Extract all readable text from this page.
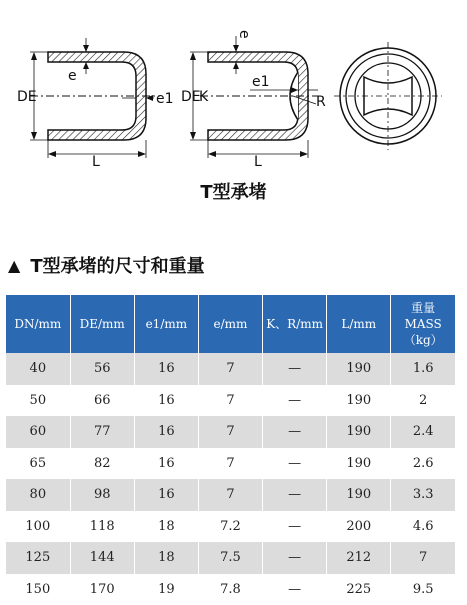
DE
e
e1
L
DE
K
e
e1
R
L
T型承堵
▲ T型承堵的尺寸和重量
DN/mm	DE/mm	e1/mm	e/mm	K、R/mm	L/mm	重量
MASS
（kg）

40	56	16	7	—	190	1.6
50	66	16	7	—	190	2
60	77	16	7	—	190	2.4
65	82	16	7	—	190	2.6
80	98	16	7	—	190	3.3
100	118	18	7.2	—	200	4.6
125	144	18	7.5	—	212	7
150	170	19	7.8	—	225	9.5
